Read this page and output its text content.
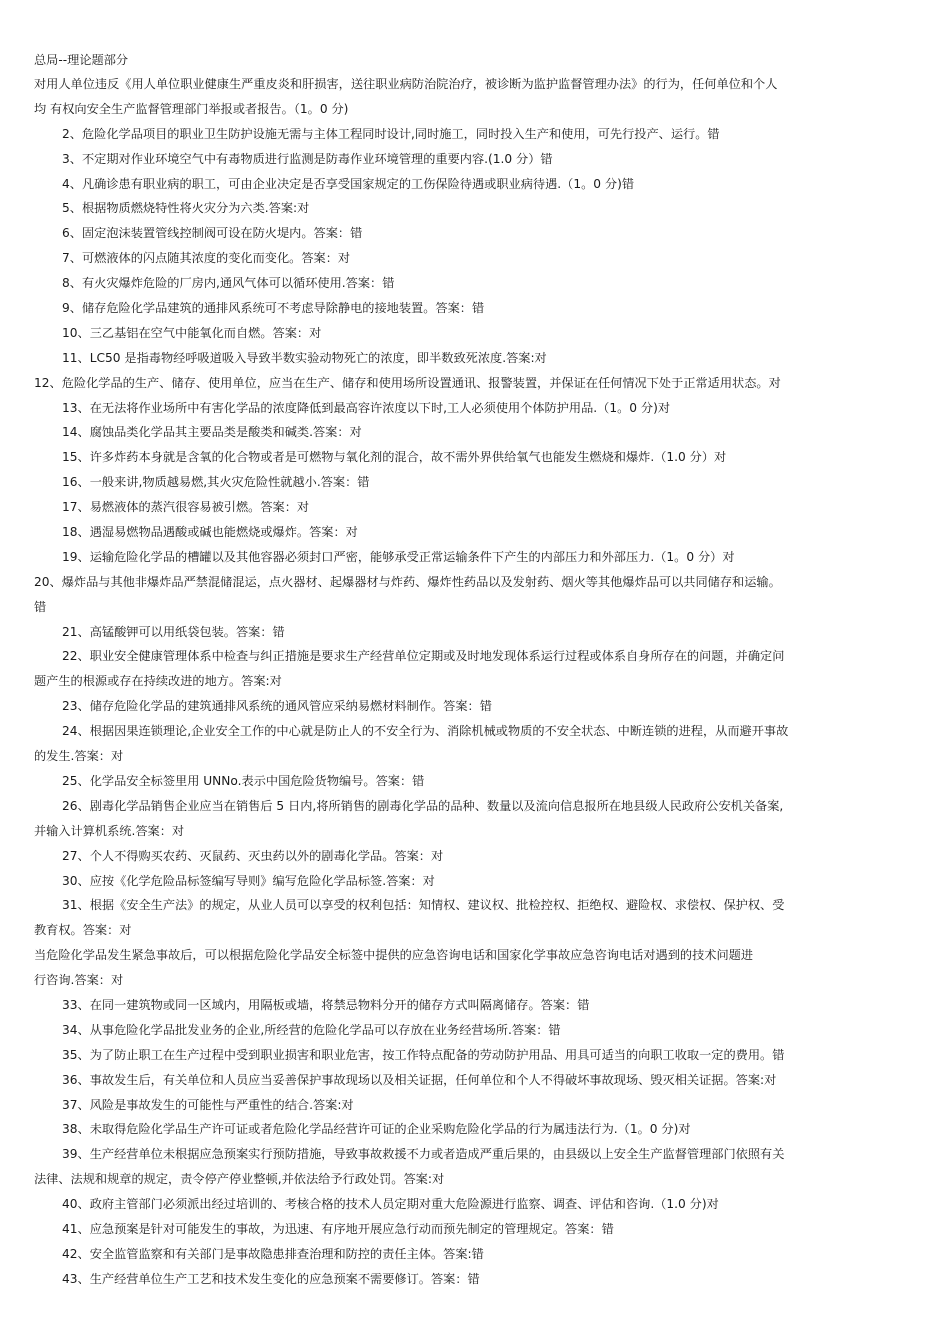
总局--理论题部分
对用人单位违反《用人单位职业健康生严重皮炎和肝损害，送往职业病防治院治疗，被诊断为监护监督管理办法》的行为，任何单位和个人
均 有权向安全生产监督管理部门举报或者报告。（1。0 分)
2、危险化学品项目的职业卫生防护设施无需与主体工程同时设计,同时施工，同时投入生产和使用，可先行投产、运行。错
3、不定期对作业环境空气中有毒物质进行监测是防毒作业环境管理的重要内容.(1.0 分）错
4、凡确诊患有职业病的职工，可由企业决定是否享受国家规定的工伤保险待遇或职业病待遇.（1。0 分)错
5、根据物质燃烧特性将火灾分为六类.答案:对
6、固定泡沫装置管线控制阀可设在防火堤内。答案：错
7、可燃液体的闪点随其浓度的变化而变化。答案：对
8、有火灾爆炸危险的厂房内,通风气体可以循环使用.答案：错
9、储存危险化学品建筑的通排风系统可不考虑导除静电的接地装置。答案：错
10、三乙基铝在空气中能氧化而自燃。答案：对
11、LC50 是指毒物经呼吸道吸入导致半数实验动物死亡的浓度，即半数致死浓度.答案:对
12、危险化学品的生产、储存、使用单位，应当在生产、储存和使用场所设置通讯、报警装置，并保证在任何情况下处于正常适用状态。对
13、在无法将作业场所中有害化学品的浓度降低到最高容许浓度以下时,工人必须使用个体防护用品.（1。0 分)对
14、腐蚀品类化学品其主要品类是酸类和碱类.答案：对
15、许多炸药本身就是含氧的化合物或者是可燃物与氧化剂的混合，故不需外界供给氧气也能发生燃烧和爆炸.（1.0 分）对
16、一般来讲,物质越易燃,其火灾危险性就越小.答案：错
17、易燃液体的蒸汽很容易被引燃。答案：对
18、遇湿易燃物品遇酸或碱也能燃烧或爆炸。答案：对
19、运输危险化学品的槽罐以及其他容器必须封口严密，能够承受正常运输条件下产生的内部压力和外部压力.（1。0 分）对
20、爆炸品与其他非爆炸品严禁混储混运，点火器材、起爆器材与炸药、爆炸性药品以及发射药、烟火等其他爆炸品可以共同储存和运输。
错
21、高锰酸钾可以用纸袋包装。答案：错
22、职业安全健康管理体系中检查与纠正措施是要求生产经营单位定期或及时地发现体系运行过程或体系自身所存在的问题，并确定问
题产生的根源或存在持续改进的地方。答案:对
23、储存危险化学品的建筑通排风系统的通风管应采纳易燃材料制作。答案：错
24、根据因果连锁理论,企业安全工作的中心就是防止人的不安全行为、消除机械或物质的不安全状态、中断连锁的进程，从而避开事故
的发生.答案：对
25、化学品安全标签里用 UNNo.表示中国危险货物编号。答案：错
26、剧毒化学品销售企业应当在销售后 5 日内,将所销售的剧毒化学品的品种、数量以及流向信息报所在地县级人民政府公安机关备案,
并输入计算机系统.答案：对
27、个人不得购买农药、灭鼠药、灭虫药以外的剧毒化学品。答案：对
30、应按《化学危险品标签编写导则》编写危险化学品标签.答案：对
31、根据《安全生产法》的规定，从业人员可以享受的权利包括：知情权、建议权、批检控权、拒绝权、避险权、求偿权、保护权、受
教育权。答案：对
当危险化学品发生紧急事故后，可以根据危险化学品安全标签中提供的应急咨询电话和国家化学事故应急咨询电话对遇到的技术问题进
行咨询.答案：对
33、在同一建筑物或同一区域内，用隔板或墙，将禁忌物料分开的储存方式叫隔离储存。答案：错
34、从事危险化学品批发业务的企业,所经营的危险化学品可以存放在业务经营场所.答案：错
35、为了防止职工在生产过程中受到职业损害和职业危害，按工作特点配备的劳动防护用品、用具可适当的向职工收取一定的费用。错
36、事故发生后，有关单位和人员应当妥善保护事故现场以及相关证据，任何单位和个人不得破坏事故现场、毁灭相关证据。答案:对
37、风险是事故发生的可能性与严重性的结合.答案:对
38、未取得危险化学品生产许可证或者危险化学品经营许可证的企业采购危险化学品的行为属违法行为.（1。0 分)对
39、生产经营单位未根据应急预案实行预防措施，导致事故救援不力或者造成严重后果的，由县级以上安全生产监督管理部门依照有关
法律、法规和规章的规定，责令停产停业整顿,并依法给予行政处罚。答案:对
40、政府主管部门必须派出经过培训的、考核合格的技术人员定期对重大危险源进行监察、调查、评估和咨询.（1.0 分)对
41、应急预案是针对可能发生的事故，为迅速、有序地开展应急行动而预先制定的管理规定。答案：错
42、安全监管监察和有关部门是事故隐患排查治理和防控的责任主体。答案:错
43、生产经营单位生产工艺和技术发生变化的应急预案不需要修订。答案：错
